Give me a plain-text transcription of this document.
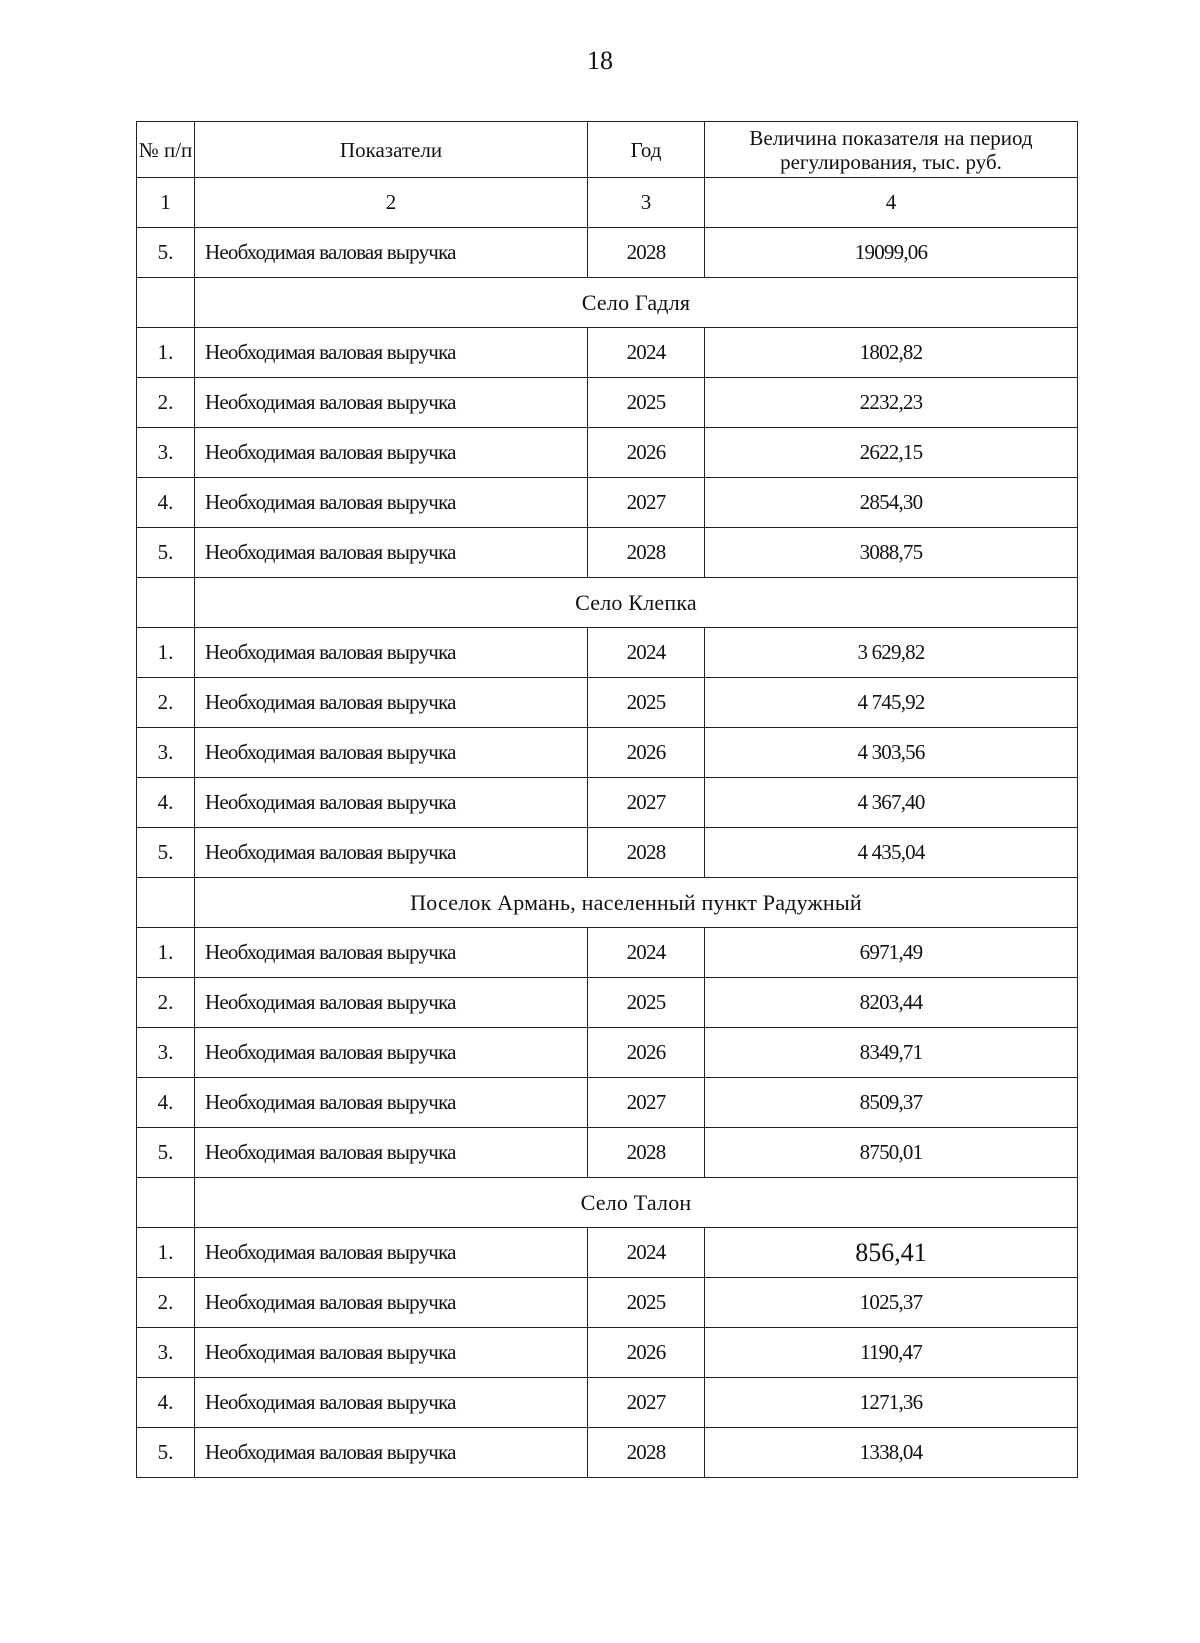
18
№ п/п	Показатели	Год	Величина показателя на период регулирования, тыс. руб.
1	2	3	4
5.	Необходимая валовая выручка	2028	19099,06
	Село Гадля		
1.	Необходимая валовая выручка	2024	1802,82
2.	Необходимая валовая выручка	2025	2232,23
3.	Необходимая валовая выручка	2026	2622,15
4.	Необходимая валовая выручка	2027	2854,30
5.	Необходимая валовая выручка	2028	3088,75
	Село Клепка		
1.	Необходимая валовая выручка	2024	3 629,82
2.	Необходимая валовая выручка	2025	4 745,92
3.	Необходимая валовая выручка	2026	4 303,56
4.	Необходимая валовая выручка	2027	4 367,40
5.	Необходимая валовая выручка	2028	4 435,04
	Поселок Армань, населенный пункт Радужный		
1.	Необходимая валовая выручка	2024	6971,49
2.	Необходимая валовая выручка	2025	8203,44
3.	Необходимая валовая выручка	2026	8349,71
4.	Необходимая валовая выручка	2027	8509,37
5.	Необходимая валовая выручка	2028	8750,01
	Село Талон		
1.	Необходимая валовая выручка	2024	856,41
2.	Необходимая валовая выручка	2025	1025,37
3.	Необходимая валовая выручка	2026	1190,47
4.	Необходимая валовая выручка	2027	1271,36
5.	Необходимая валовая выручка	2028	1338,04
